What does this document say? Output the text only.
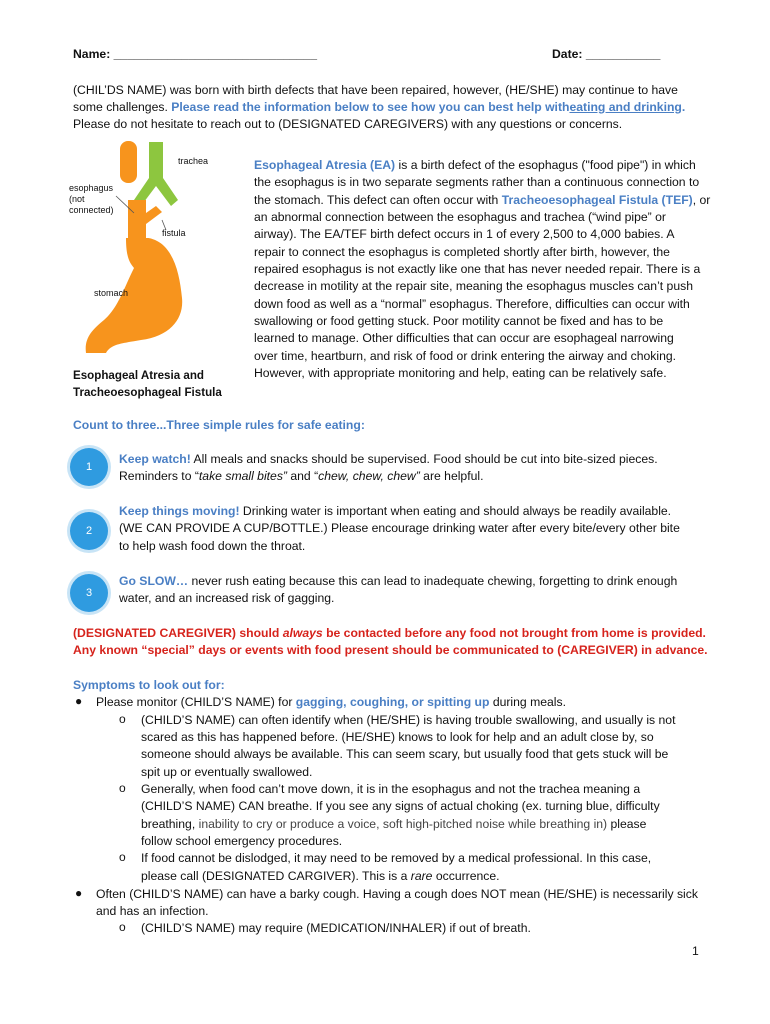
Name: ______________________________	Date: ___________

(CHIL’DS NAME) was born with birth defects that have been repaired, however, (HE/SHE) may continue to have

some challenges. Please read the information below to see how you can best help witheating and drinking.

Please do not hesitate to reach out to (DESIGNATED CAREGIVERS) with any questions or concerns.

trachea
esophagus
(not
connected)
fistula
stomach

Esophageal Atresia and

Tracheoesophageal Fistula

Esophageal Atresia (EA) is a birth defect of the esophagus ("food pipe") in which

the esophagus is in two separate segments rather than a continuous connection to

the stomach. This defect can often occur with Tracheoesophageal Fistula (TEF), or

an abnormal connection between the esophagus and trachea (“wind pipe” or

airway). The EA/TEF birth defect occurs in 1 of every 2,500 to 4,000 babies. A

repair to connect the esophagus is completed shortly after birth, however, the

repaired esophagus is not exactly like one that has never needed repair. There is a

decrease in motility at the repair site, meaning the esophagus muscles can’t push

down food as well as a “normal” esophagus. Therefore, difficulties can occur with

swallowing or food getting stuck. Poor motility cannot be fixed and has to be

learned to manage. Other difficulties that can occur are esophageal narrowing

over time, heartburn, and risk of food or drink entering the airway and choking.

However, with appropriate monitoring and help, eating can be relatively safe.

Count to three...Three simple rules for safe eating:

1

Keep watch! All meals and snacks should be supervised. Food should be cut into bite-sized pieces.

Reminders to “take small bites” and “chew, chew, chew” are helpful.

2

Keep things moving! Drinking water is important when eating and should always be readily available.

(WE CAN PROVIDE A CUP/BOTTLE.) Please encourage drinking water after every bite/every other bite

to help wash food down the throat.

3

Go SLOW… never rush eating because this can lead to inadequate chewing, forgetting to drink enough

water, and an increased risk of gagging.

(DESIGNATED CAREGIVER) should always be contacted before any food not brought from home is provided.

Any known “special” days or events with food present should be communicated to (CAREGIVER) in advance.

Symptoms to look out for:

● Please monitor (CHILD’S NAME) for gagging, coughing, or spitting up during meals.

o (CHILD’S NAME) can often identify when (HE/SHE) is having trouble swallowing, and usually is not

scared as this has happened before. (HE/SHE) knows to look for help and an adult close by, so

someone should always be available. This can seem scary, but usually food that gets stuck will be

spit up or eventually swallowed.

o Generally, when food can’t move down, it is in the esophagus and not the trachea meaning a

(CHILD’S NAME) CAN breathe. If you see any signs of actual choking (ex. turning blue, difficulty

breathing, inability to cry or produce a voice, soft high-pitched noise while breathing in) please

follow school emergency procedures.

o If food cannot be dislodged, it may need to be removed by a medical professional. In this case,

please call (DESIGNATED CARGIVER). This is a rare occurrence.

● Often (CHILD’S NAME) can have a barky cough. Having a cough does NOT mean (HE/SHE) is necessarily sick

and has an infection.

o (CHILD’S NAME) may require (MEDICATION/INHALER) if out of breath.

1
